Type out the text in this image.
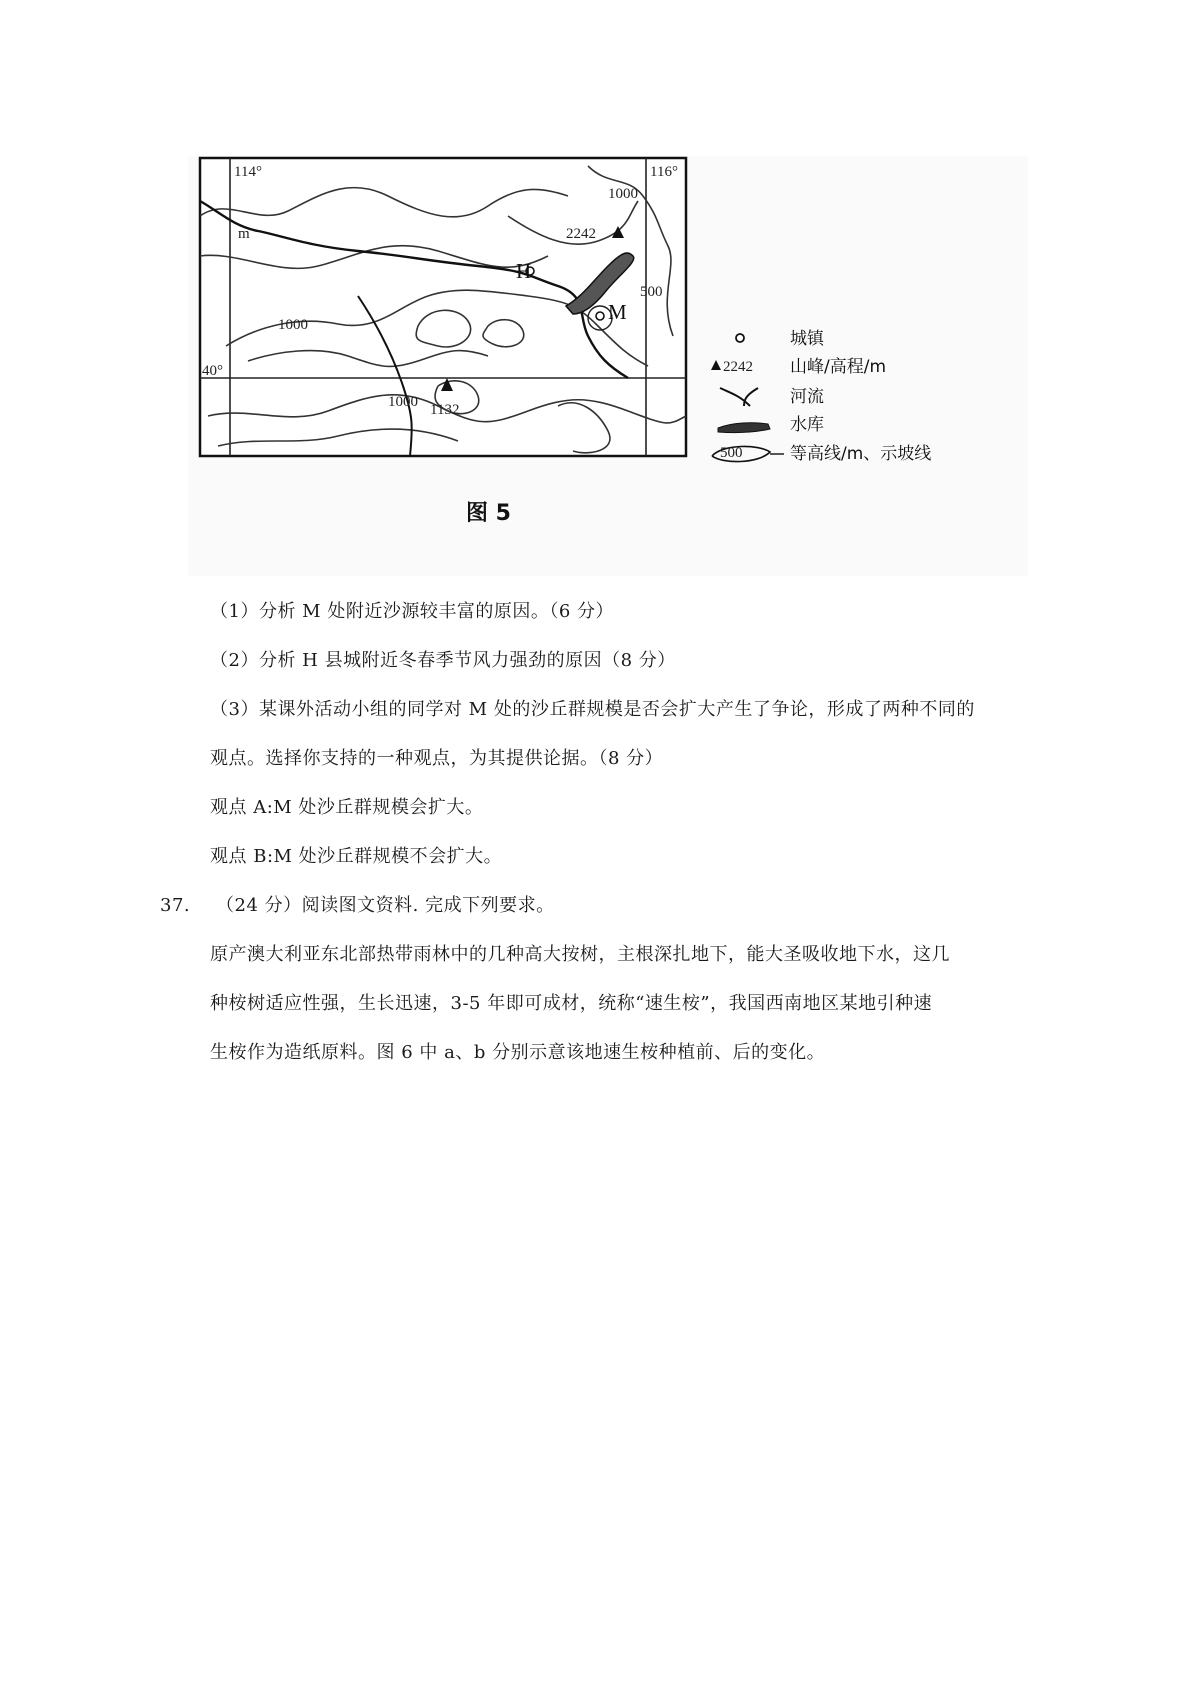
114°	116°
40°
1000
1000
1000
500
2242
1132
H
M
m
城镇
2242 山峰/高程/m
河流
水库
500	等高线/m、示坡线
图 5
（1）分析 M 处附近沙源较丰富的原因。（6 分）
（2）分析 H 县城附近冬春季节风力强劲的原因（8 分）
（3）某课外活动小组的同学对 M 处的沙丘群规模是否会扩大产生了争论，形成了两种不同的
观点。选择你支持的一种观点，为其提供论据。（8 分）
观点 A:M 处沙丘群规模会扩大。
观点 B:M 处沙丘群规模不会扩大。
37. （24 分）阅读图文资料. 完成下列要求。
原产澳大利亚东北部热带雨林中的几种高大按树，主根深扎地下，能大圣吸收地下水，这几
种桉树适应性强，生长迅速，3-5 年即可成材，统称“速生桉”，我国西南地区某地引种速
生桉作为造纸原料。图 6 中 a、b 分别示意该地速生桉种植前、后的变化。
